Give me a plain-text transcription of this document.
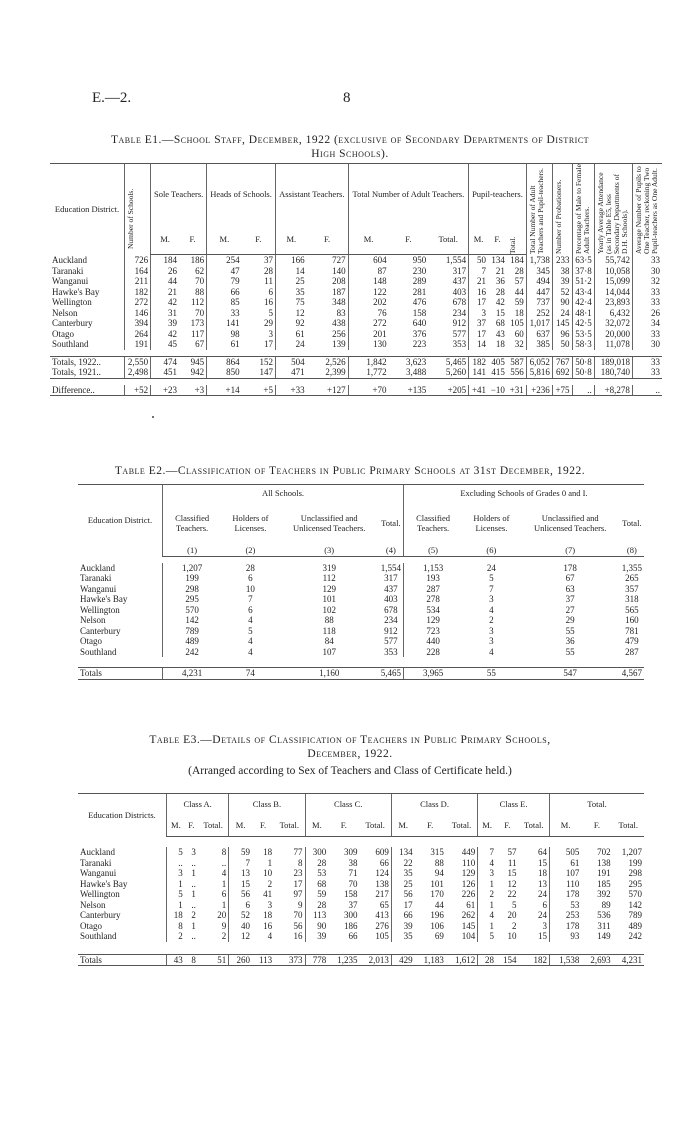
E.—2.	8
Table E1.—School Staff, December, 1922 (exclusive of Secondary Departments of District
High Schools).
Education District.	Number of Schools.	Sole Teachers.		Heads of Schools.		Assistant Teachers.		Total Number of Adult Teachers.			Pupil-teachers.			Total Number of Adult Teachers and Pupil-teachers.	Number of Probationers.	Percentage of Male to Female Adult Teachers.	Yearly Average Attendance (as in Table E5, less Secondary Departments of D.H. Schools).	Average Number of Pupils to One Teacher, reckoning Two Pupil-teachers as One Adult.

		M.	F.	M.	F.	M.	F.	M.	F.	Total.	M.	F.	Total.					

Auckland	726	184	186	254	37	166	727	604	950	1,554	50	134	184	1,738	233	63·5	55,742	33
Taranaki	164	26	62	47	28	14	140	87	230	317	7	21	28	345	38	37·8	10,058	30
Wanganui	211	44	70	79	11	25	208	148	289	437	21	36	57	494	39	51·2	15,099	32
Hawke's Bay	182	21	88	66	6	35	187	122	281	403	16	28	44	447	52	43·4	14,044	33
Wellington	272	42	112	85	16	75	348	202	476	678	17	42	59	737	90	42·4	23,893	33
Nelson	146	31	70	33	5	12	83	76	158	234	3	15	18	252	24	48·1	6,432	26
Canterbury	394	39	173	141	29	92	438	272	640	912	37	68	105	1,017	145	42·5	32,072	34
Otago	264	42	117	98	3	61	256	201	376	577	17	43	60	637	96	53·5	20,000	33
Southland	191	45	67	61	17	24	139	130	223	353	14	18	32	385	50	58·3	11,078	30

Totals, 1922..	2,550	474	945	864	152	504	2,526	1,842	3,623	5,465	182	405	587	6,052	767	50·8	189,018	33
Totals, 1921..	2,498	451	942	850	147	471	2,399	1,772	3,488	5,260	141	415	556	5,816	692	50·8	180,740	33

Difference..	+52	+23	+3	+14	+5	+33	+127	+70	+135	+205	+41	−10	+31	+236	+75	..	+8,278	..
Table E2.—Classification of Teachers in Public Primary Schools at 31st December, 1922.
Education District.	All Schools.				Excluding Schools of Grades 0 and I.			
	Classified Teachers.	Holders of Licenses.	Unclassified and Unlicensed Teachers.	Total.	Classified Teachers.	Holders of Licenses.	Unclassified and Unlicensed Teachers.	Total.
	(1)	(2)	(3)	(4)	(5)	(6)	(7)	(8)

Auckland	1,207	28	319	1,554	1,153	24	178	1,355
Taranaki	199	6	112	317	193	5	67	265
Wanganui	298	10	129	437	287	7	63	357
Hawke's Bay	295	7	101	403	278	3	37	318
Wellington	570	6	102	678	534	4	27	565
Nelson	142	4	88	234	129	2	29	160
Canterbury	789	5	118	912	723	3	55	781
Otago	489	4	84	577	440	3	36	479
Southland	242	4	107	353	228	4	55	287

Totals	4,231	74	1,160	5,465	3,965	55	547	4,567
Table E3.—Details of Classification of Teachers in Public Primary Schools,
December, 1922.
(Arranged according to Sex of Teachers and Class of Certificate held.)
Education Districts.	Class A.			Class B.			Class C.			Class D.			Class E.			Total.		
	M.	F.	Total.	M.	F.	Total.	M.	F.	Total.	M.	F.	Total.	M.	F.	Total.	M.	F.	Total.

Auckland	5	3	8	59	18	77	300	309	609	134	315	449	7	57	64	505	702	1,207
Taranaki	..	..	..	7	1	8	28	38	66	22	88	110	4	11	15	61	138	199
Wanganui	3	1	4	13	10	23	53	71	124	35	94	129	3	15	18	107	191	298
Hawke's Bay	1	..	1	15	2	17	68	70	138	25	101	126	1	12	13	110	185	295
Wellington	5	1	6	56	41	97	59	158	217	56	170	226	2	22	24	178	392	570
Nelson	1	..	1	6	3	9	28	37	65	17	44	61	1	5	6	53	89	142
Canterbury	18	2	20	52	18	70	113	300	413	66	196	262	4	20	24	253	536	789
Otago	8	1	9	40	16	56	90	186	276	39	106	145	1	2	3	178	311	489
Southland	2	..	2	12	4	16	39	66	105	35	69	104	5	10	15	93	149	242

Totals	43	8	51	260	113	373	778	1,235	2,013	429	1,183	1,612	28	154	182	1,538	2,693	4,231
